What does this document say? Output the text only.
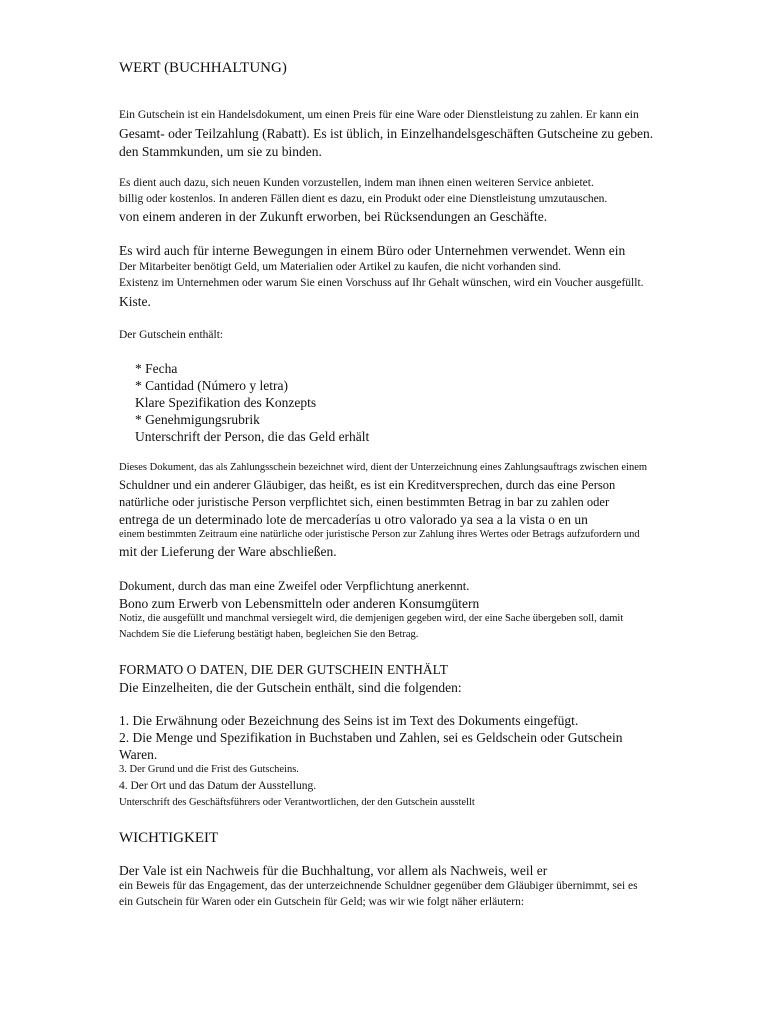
WERT (BUCHHALTUNG)
Ein Gutschein ist ein Handelsdokument, um einen Preis für eine Ware oder Dienstleistung zu zahlen. Er kann ein
Gesamt- oder Teilzahlung (Rabatt). Es ist üblich, in Einzelhandelsgeschäften Gutscheine zu geben.
den Stammkunden, um sie zu binden.
Es dient auch dazu, sich neuen Kunden vorzustellen, indem man ihnen einen weiteren Service anbietet.
billig oder kostenlos. In anderen Fällen dient es dazu, ein Produkt oder eine Dienstleistung umzutauschen.
von einem anderen in der Zukunft erworben, bei Rücksendungen an Geschäfte.
Es wird auch für interne Bewegungen in einem Büro oder Unternehmen verwendet. Wenn ein
Der Mitarbeiter benötigt Geld, um Materialien oder Artikel zu kaufen, die nicht vorhanden sind.
Existenz im Unternehmen oder warum Sie einen Vorschuss auf Ihr Gehalt wünschen, wird ein Voucher ausgefüllt.
Kiste.
Der Gutschein enthält:
* Fecha
* Cantidad (Número y letra)
Klare Spezifikation des Konzepts
* Genehmigungsrubrik
Unterschrift der Person, die das Geld erhält
Dieses Dokument, das als Zahlungsschein bezeichnet wird, dient der Unterzeichnung eines Zahlungsauftrags zwischen einem
Schuldner und ein anderer Gläubiger, das heißt, es ist ein Kreditversprechen, durch das eine Person
natürliche oder juristische Person verpflichtet sich, einen bestimmten Betrag in bar zu zahlen oder
entrega de un determinado lote de mercaderías u otro valorado ya sea a la vista o en un
einem bestimmten Zeitraum eine natürliche oder juristische Person zur Zahlung ihres Wertes oder Betrags aufzufordern und
mit der Lieferung der Ware abschließen.
Dokument, durch das man eine Zweifel oder Verpflichtung anerkennt.
Bono zum Erwerb von Lebensmitteln oder anderen Konsumgütern
Notiz, die ausgefüllt und manchmal versiegelt wird, die demjenigen gegeben wird, der eine Sache übergeben soll, damit
Nachdem Sie die Lieferung bestätigt haben, begleichen Sie den Betrag.
FORMATO O DATEN, DIE DER GUTSCHEIN ENTHÄLT
Die Einzelheiten, die der Gutschein enthält, sind die folgenden:
1. Die Erwähnung oder Bezeichnung des Seins ist im Text des Dokuments eingefügt.
2. Die Menge und Spezifikation in Buchstaben und Zahlen, sei es Geldschein oder Gutschein
Waren.
3. Der Grund und die Frist des Gutscheins.
4. Der Ort und das Datum der Ausstellung.
Unterschrift des Geschäftsführers oder Verantwortlichen, der den Gutschein ausstellt
WICHTIGKEIT
Der Vale ist ein Nachweis für die Buchhaltung, vor allem als Nachweis, weil er
ein Beweis für das Engagement, das der unterzeichnende Schuldner gegenüber dem Gläubiger übernimmt, sei es
ein Gutschein für Waren oder ein Gutschein für Geld; was wir wie folgt näher erläutern:
